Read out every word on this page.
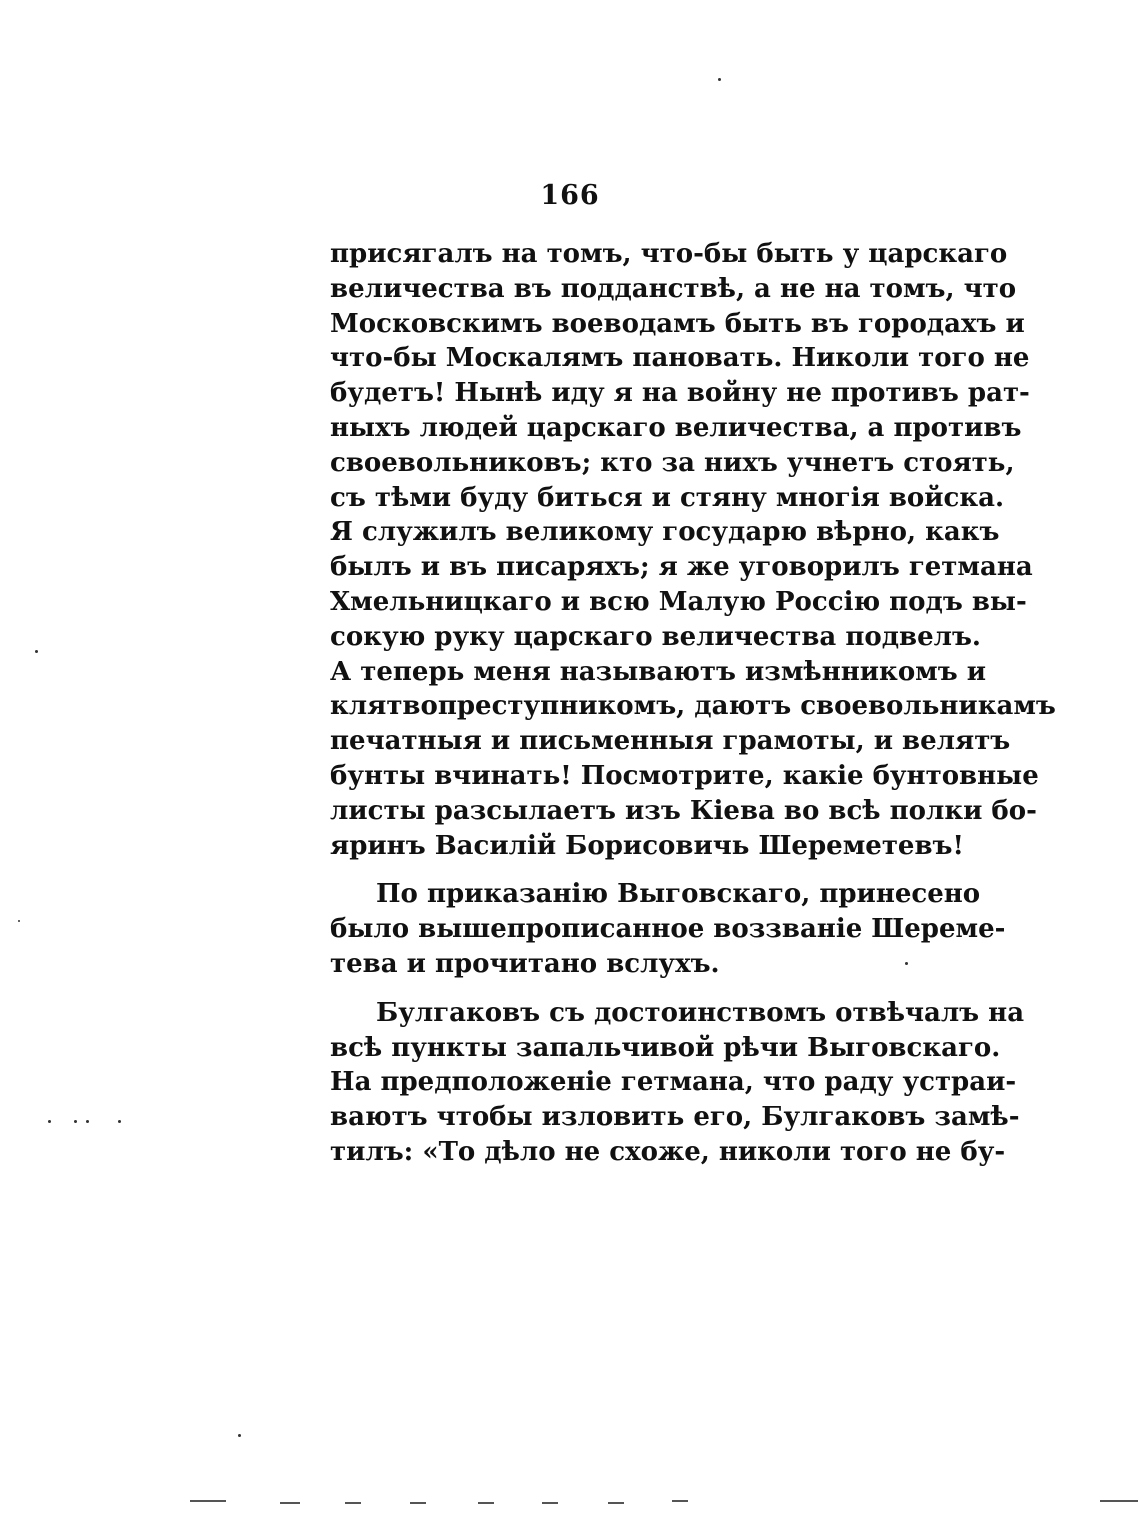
166
присягалъ на томъ, что-бы быть у царскаго
величества въ подданствѣ, а не на томъ, что
Московскимъ воеводамъ быть въ городахъ и
что-бы Москалямъ пановать. Николи того не
будетъ! Нынѣ иду я на войну не противъ рат-
ныхъ людей царскаго величества, а противъ
своевольниковъ; кто за нихъ учнетъ стоять,
съ тѣми буду биться и стяну многія войска.
Я служилъ великому государю вѣрно, какъ
былъ и въ писаряхъ; я же уговорилъ гетмана
Хмельницкаго и всю Малую Россію подъ вы-
сокую руку царскаго величества подвелъ.
А теперь меня называютъ измѣнникомъ и
клятвопреступникомъ, даютъ своевольникамъ
печатныя и письменныя грамоты, и велятъ
бунты вчинать! Посмотрите, какіе бунтовные
листы разсылаетъ изъ Кіева во всѣ полки бо-
яринъ Василій Борисовичь Шереметевъ!
По приказанію Выговскаго, принесено
было вышепрописанное воззваніе Шереме-
тева и прочитано вслухъ.
Булгаковъ съ достоинствомъ отвѣчалъ на
всѣ пункты запальчивой рѣчи Выговскаго.
На предположеніе гетмана, что раду устраи-
ваютъ чтобы изловить его, Булгаковъ замѣ-
тилъ: «То дѣло не схоже, николи того не бу-
